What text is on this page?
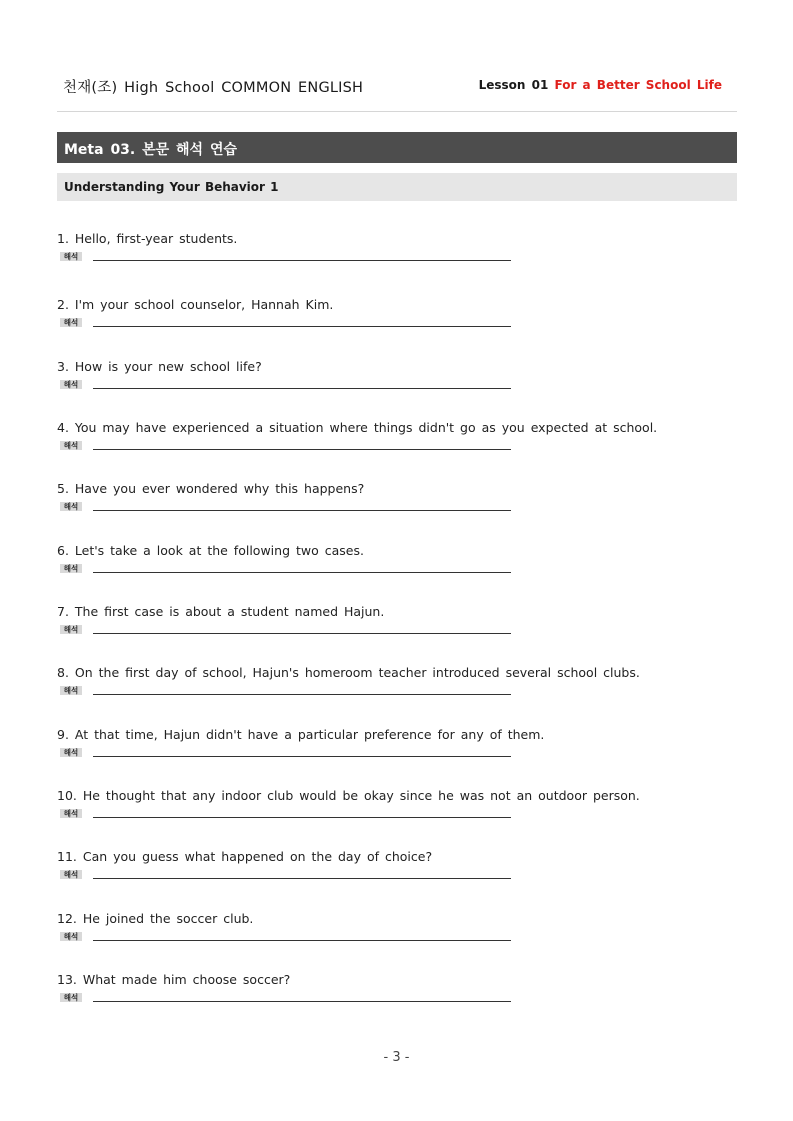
천재(조) High School COMMON ENGLISH	Lesson 01 For a Better School Life
Meta 03. 본문 해석 연습
Understanding Your Behavior 1
1. Hello, first-year students.
해석
2. I'm your school counselor, Hannah Kim.
해석
3. How is your new school life?
해석
4. You may have experienced a situation where things didn't go as you expected at school.
해석
5. Have you ever wondered why this happens?
해석
6. Let's take a look at the following two cases.
해석
7. The first case is about a student named Hajun.
해석
8. On the first day of school, Hajun's homeroom teacher introduced several school clubs.
해석
9. At that time, Hajun didn't have a particular preference for any of them.
해석
10. He thought that any indoor club would be okay since he was not an outdoor person.
해석
11. Can you guess what happened on the day of choice?
해석
12. He joined the soccer club.
해석
13. What made him choose soccer?
해석
- 3 -
